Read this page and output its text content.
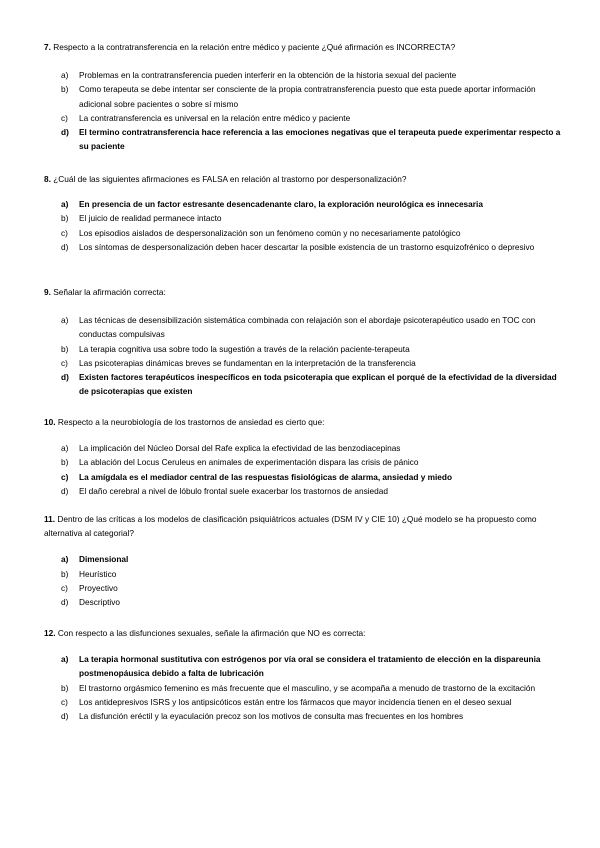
7. Respecto a la contratransferencia en la relación entre médico y paciente ¿Qué afirmación es INCORRECTA?

a) Problemas en la contratransferencia pueden interferir en la obtención de la historia sexual del paciente
b) Como terapeuta se debe intentar ser consciente de la propia contratransferencia puesto que esta puede aportar información adicional sobre pacientes o sobre sí mismo
c) La contratransferencia es universal en la relación entre médico y paciente
d) El termino contratransferencia hace referencia a las emociones negativas que el terapeuta puede experimentar respecto a su paciente

8. ¿Cuál de las siguientes afirmaciones es FALSA en relación al trastorno por despersonalización?

a) En presencia de un factor estresante desencadenante claro, la exploración neurológica es innecesaria
b) El juicio de realidad permanece intacto
c) Los episodios aislados de despersonalización son un fenómeno común y no necesariamente patológico
d) Los síntomas de despersonalización deben hacer descartar la posible existencia de un trastorno esquizofrénico o depresivo

9. Señalar la afirmación correcta:

a) Las técnicas de desensibilización sistemática combinada con relajación son el abordaje psicoterapéutico usado en TOC con conductas compulsivas
b) La terapia cognitiva usa sobre todo la sugestión a través de la relación paciente-terapeuta
c) Las psicoterapias dinámicas breves se fundamentan en la interpretación de la transferencia
d) Existen factores terapéuticos inespecíficos en toda psicoterapia que explican el porqué de la efectividad de la diversidad de psicoterapias que existen

10. Respecto a la neurobiología de los trastornos de ansiedad es cierto que:

a) La implicación del Núcleo Dorsal del Rafe explica la efectividad de las benzodiacepinas
b) La ablación del Locus Ceruleus en animales de experimentación dispara las crisis de pánico
c) La amígdala es el mediador central de las respuestas fisiológicas de alarma, ansiedad y miedo
d) El daño cerebral a nivel de lóbulo frontal suele exacerbar los trastornos de ansiedad

11. Dentro de las críticas a los modelos de clasificación psiquiátricos actuales (DSM IV y CIE 10) ¿Qué modelo se ha propuesto como alternativa al categorial?

a) Dimensional
b) Heurístico
c) Proyectivo
d) Descriptivo

12. Con respecto a las disfunciones sexuales, señale la afirmación que NO es correcta:

a) La terapia hormonal sustitutiva con estrógenos por vía oral se considera el tratamiento de elección en la dispareunia postmenopáusica debido a falta de lubricación
b) El trastorno orgásmico femenino es más frecuente que el masculino, y se acompaña a menudo de trastorno de la excitación
c) Los antidepresivos ISRS y los antipsicóticos están entre los fármacos que mayor incidencia tienen en el deseo sexual
d) La disfunción eréctil y la eyaculación precoz son los motivos de consulta mas frecuentes en los hombres
